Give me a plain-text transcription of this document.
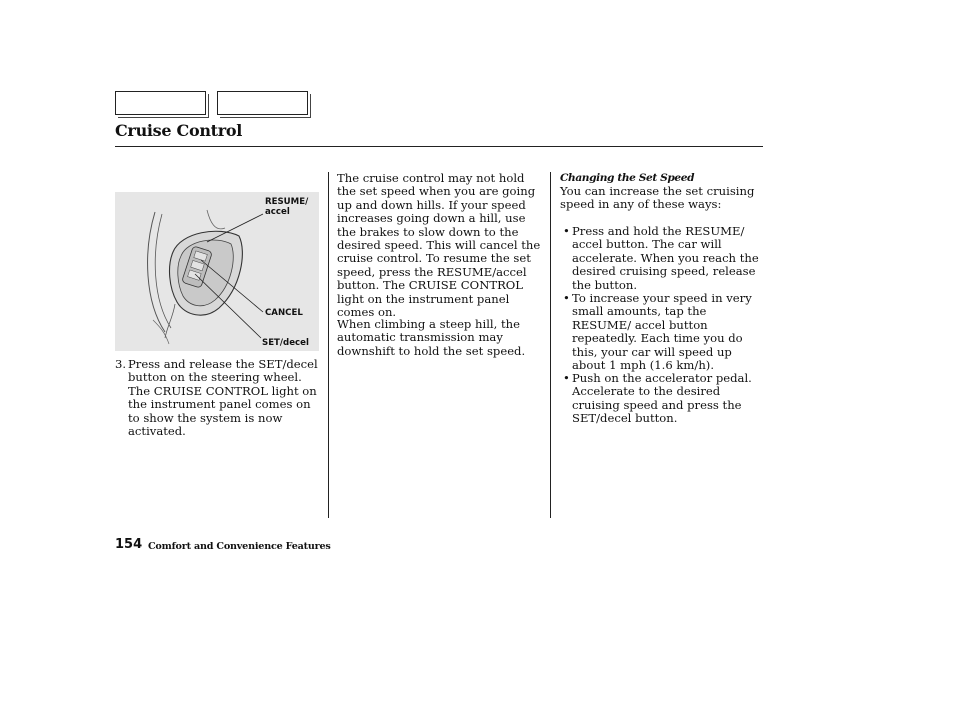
Cruise Control
RESUME/
accel
CANCEL
SET/decel
3. Press and release the SET/decel button on the steering wheel. The CRUISE CONTROL light on the instrument panel comes on to show the system is now activated.
The cruise control may not hold the set speed when you are going up and down hills. If your speed increases going down a hill, use the brakes to slow down to the desired speed. This will cancel the cruise control. To resume the set speed, press the RESUME/accel button. The CRUISE CONTROL light on the instrument panel comes on.
When climbing a steep hill, the automatic transmission may downshift to hold the set speed.
Changing the Set Speed
You can increase the set cruising speed in any of these ways:
• Press and hold the RESUME/ accel button. The car will accelerate. When you reach the desired cruising speed, release the button.
• To increase your speed in very small amounts, tap the RESUME/ accel button repeatedly. Each time you do this, your car will speed up about 1 mph (1.6 km/h).
• Push on the accelerator pedal. Accelerate to the desired cruising speed and press the SET/decel button.
154 Comfort and Convenience Features
